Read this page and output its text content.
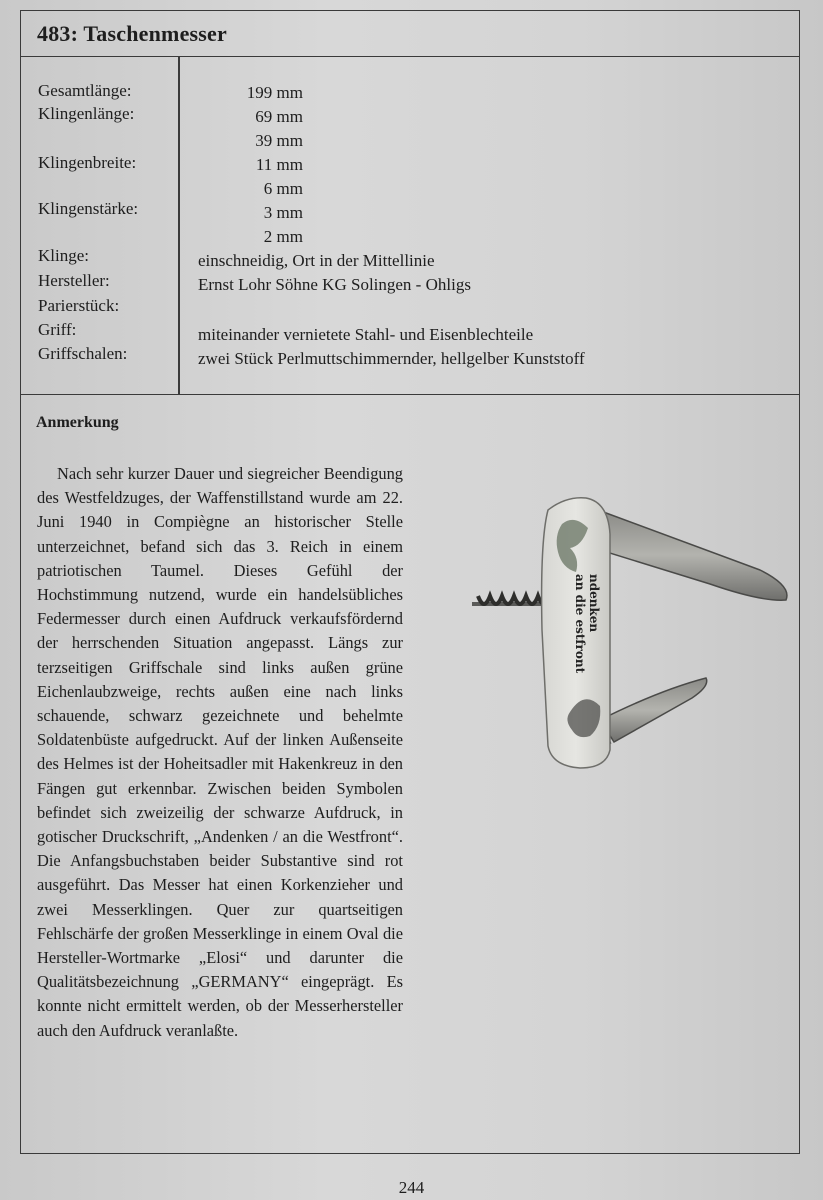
483: Taschenmesser
Gesamtlänge:
Klingenlänge:
Klingenbreite:
Klingenstärke:
Klinge:
Hersteller:
Parierstück:
Griff:
Griffschalen:
199 mm
69 mm
39 mm
11 mm
6 mm
3 mm
2 mm
einschneidig, Ort in der Mittellinie
Ernst Lohr Söhne KG Solingen - Ohligs
miteinander vernietete Stahl- und Eisenblechteile
zwei Stück Perlmuttschimmernder, hellgelber Kunststoff
Anmerkung
Nach sehr kurzer Dauer und siegreicher Beendigung des Westfeldzuges, der Waffenstillstand wurde am 22. Juni 1940 in Compiègne an historischer Stelle unterzeichnet, befand sich das 3. Reich in einem patriotischen Taumel. Dieses Gefühl der Hochstimmung nutzend, wurde ein handelsübliches Federmesser durch einen Aufdruck verkaufsfördernd der herrschenden Situation angepasst. Längs zur terzseitigen Griffschale sind links außen grüne Eichenlaubzweige, rechts außen eine nach links schauende, schwarz gezeichnete und behelmte Soldatenbüste aufgedruckt. Auf der linken Außenseite des Helmes ist der Hoheitsadler mit Hakenkreuz in den Fängen gut erkennbar. Zwischen beiden Symbolen befindet sich zweizeilig der schwarze Aufdruck, in gotischer Druckschrift, „Andenken / an die Westfront“. Die Anfangsbuchstaben beider Substantive sind rot ausgeführt. Das Messer hat einen Korkenzieher und zwei Messerklingen. Quer zur quartseitigen Fehlschärfe der großen Messerklinge in einem Oval die Hersteller-Wortmarke „Elosi“ und darunter die Qualitätsbezeichnung „GERMANY“ eingeprägt. Es konnte nicht ermittelt werden, ob der Messerhersteller auch den Aufdruck veranlaßte.
ndenken
an die estfront
244
